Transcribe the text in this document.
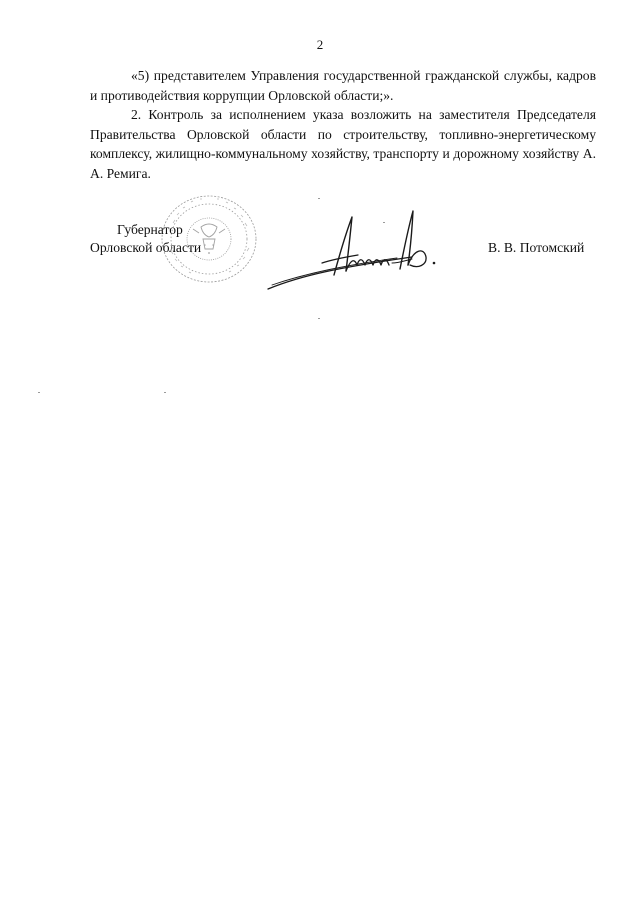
2

«5) представителем Управления государственной гражданской службы, кадров и противодействия коррупции Орловской области;».

2. Контроль за исполнением указа возложить на заместителя Председателя Правительства Орловской области по строительству, топливно-энергетическому комплексу, жилищно-коммунальному хозяйству, транспорту и дорожному хозяйству А. А. Ремига.

Губернатор
Орловской области	В. В. Потомский
